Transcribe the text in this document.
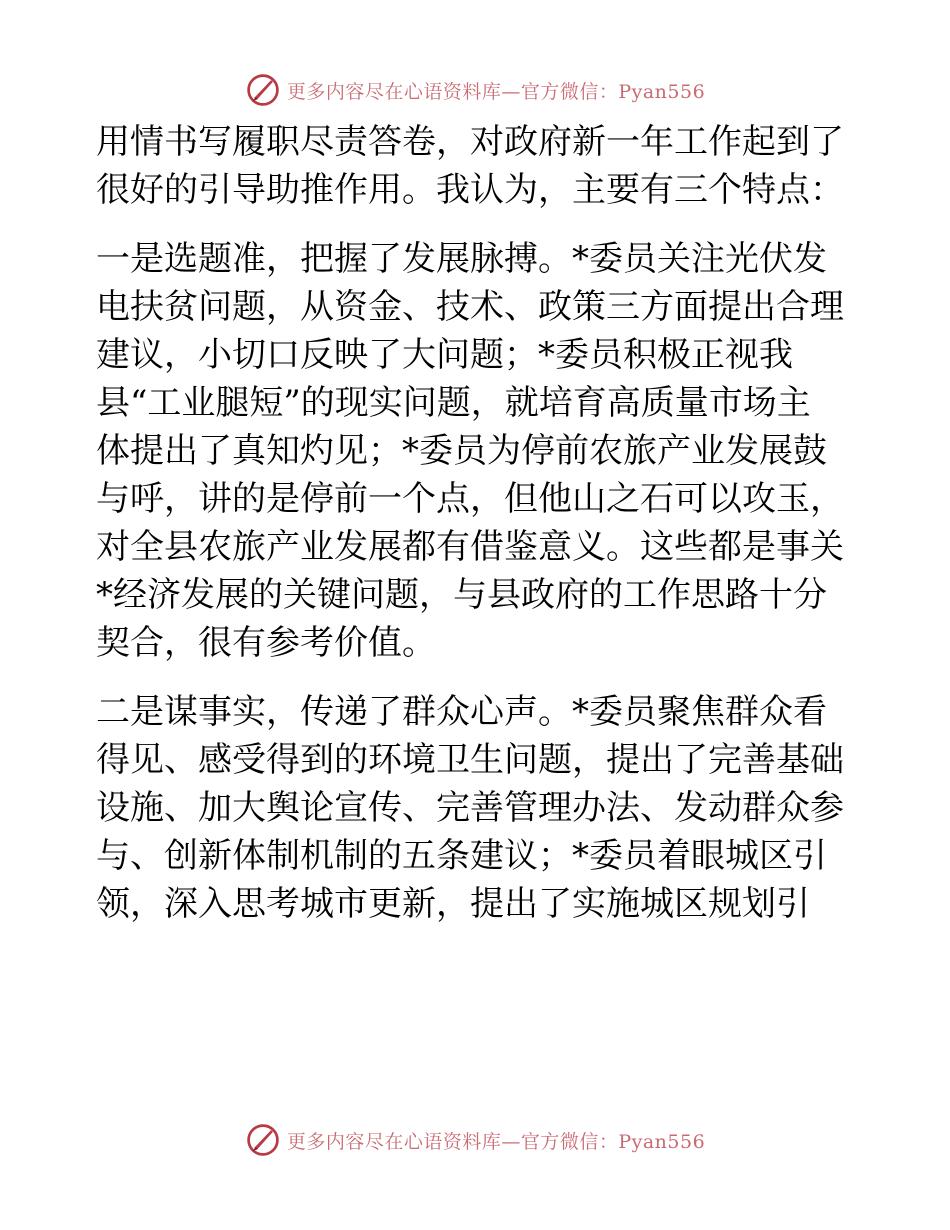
更多内容尽在心语资料库—官方微信：Pyan556
用情书写履职尽责答卷，对政府新一年工作起到了
很好的引导助推作用。我认为，主要有三个特点：
一是选题准，把握了发展脉搏。*委员关注光伏发
电扶贫问题，从资金、技术、政策三方面提出合理
建议，小切口反映了大问题；*委员积极正视我
县“工业腿短”的现实问题，就培育高质量市场主
体提出了真知灼见；*委员为停前农旅产业发展鼓
与呼，讲的是停前一个点，但他山之石可以攻玉，
对全县农旅产业发展都有借鉴意义。这些都是事关
*经济发展的关键问题，与县政府的工作思路十分
契合，很有参考价值。
二是谋事实，传递了群众心声。*委员聚焦群众看
得见、感受得到的环境卫生问题，提出了完善基础
设施、加大舆论宣传、完善管理办法、发动群众参
与、创新体制机制的五条建议；*委员着眼城区引
领，深入思考城市更新，提出了实施城区规划引
更多内容尽在心语资料库—官方微信：Pyan556
